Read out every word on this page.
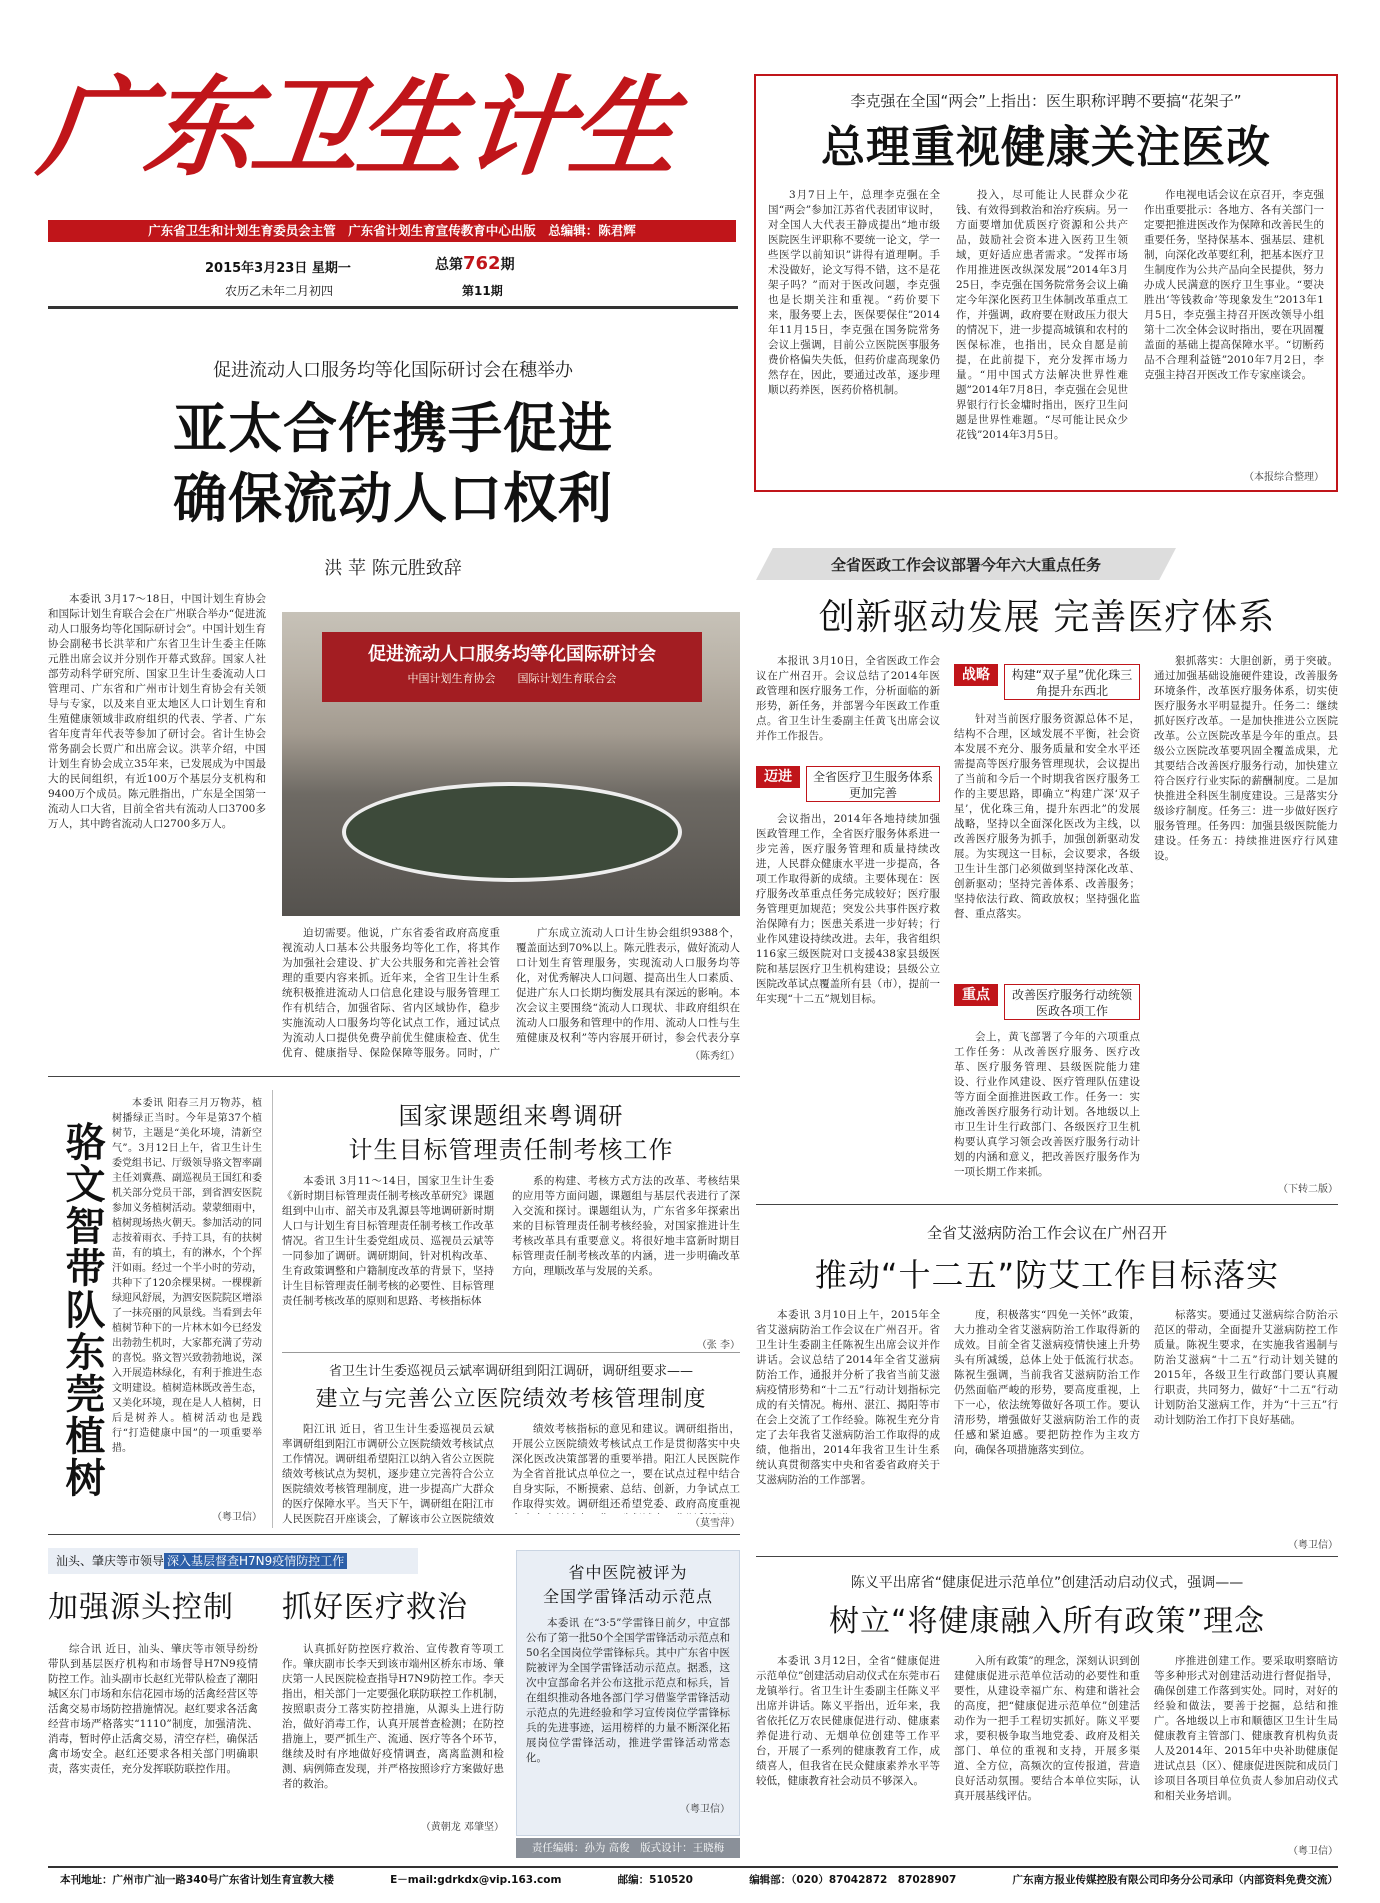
广东卫生计生
广东省卫生和计划生育委员会主管　广东省计划生育宣传教育中心出版　总编辑：陈君辉
2015年3月23日 星期一	总第762期
农历乙未年二月初四	第11期
李克强在全国“两会”上指出：医生职称评聘不要搞“花架子”
总理重视健康关注医改

3月7日上午，总理李克强在全国“两会”参加江苏省代表团审议时，对全国人大代表王静成提出“地市级医院医生评职称不要统一论文，学一些医学以前知识”讲得有道理啊。手术没做好，论文写得不错，这不是花架子吗？”而对于医改问题，李克强也是长期关注和重视。“药价要下来，服务要上去，医保要保住”2014年11月15日，李克强在国务院常务会议上强调，目前公立医院医事服务费价格偏失失低，但药价虚高现象仍然存在，因此，要通过改革，逐步理顺以药养医，医药价格机制。

投入，尽可能让人民群众少花钱、有效得到救治和治疗疾病。另一方面要增加优质医疗资源和公共产品，鼓励社会资本进入医药卫生领域，更好适应患者需求。“发挥市场作用推进医改纵深发展”2014年3月25日，李克强在国务院常务会议上确定今年深化医药卫生体制改革重点工作，并强调，政府要在财政压力很大的情况下，进一步提高城镇和农村的医保标准，也指出，民众自愿是前提，在此前提下，充分发挥市场力量。“用中国式方法解决世界性难题”2014年7月8日，李克强在会见世界银行行长金墉时指出，医疗卫生问题是世界性难题。“尽可能让民众少花钱”2014年3月5日。

作电视电话会议在京召开，李克强作出重要批示：各地方、各有关部门一定要把推进医改作为保障和改善民生的重要任务，坚持保基本、强基层、建机制，向深化改革要红利，把基本医疗卫生制度作为公共产品向全民提供，努力办成人民满意的医疗卫生事业。“要决胜出‘等钱救命’等现象发生”2013年1月5日，李克强主持召开医改领导小组第十二次全体会议时指出，要在巩固覆盖面的基础上提高保障水平。“切断药品不合理利益链”2010年7月2日，李克强主持召开医改工作专家座谈会。

（本报综合整理）
促进流动人口服务均等化国际研讨会在穗举办
亚太合作携手促进
确保流动人口权利
洪 苹 陈元胜致辞

本委讯 3月17～18日，中国计划生育协会和国际计划生育联合会在广州联合举办“促进流动人口服务均等化国际研讨会”。中国计划生育协会副秘书长洪苹和广东省卫生计生委主任陈元胜出席会议并分别作开幕式致辞。国家人社部劳动科学研究所、国家卫生计生委流动人口管理司、广东省和广州市计划生育协会有关领导与专家，以及来自亚太地区人口计划生育和生殖健康领域非政府组织的代表、学者、广东省年度青年代表等参加了研讨会。省计生协会常务副会长贾广和出席会议。洪苹介绍，中国计划生育协会成立35年来，已发展成为中国最大的民间组织，有近100万个基层分支机构和9400万个成员。陈元胜指出，广东是全国第一流动人口大省，目前全省共有流动人口3700多万人，其中跨省流动人口2700多万人。

促进流动人口服务均等化国际研讨会
中国计划生育协会　　国际计划生育联合会

迫切需要。他说，广东省委省政府高度重视流动人口基本公共服务均等化工作，将其作为加强社会建设、扩大公共服务和完善社会管理的重要内容来抓。近年来，全省卫生计生系统积极推进流动人口信息化建设与服务管理工作有机结合，加强省际、省内区域协作，稳步实施流动人口服务均等化试点工作，通过试点为流动人口提供免费孕前优生健康检查、优生优育、健康指导、保险保障等服务。同时，广

广东成立流动人口计生协会组织9388个，覆盖面达到70%以上。陈元胜表示，做好流动人口计划生育管理服务，实现流动人口服务均等化，对优秀解决人口问题、提高出生人口素质、促进广东人口长期均衡发展具有深远的影响。本次会议主要围绕“流动人口现状、非政府组织在流动人口服务和管理中的作用、流动人口性与生殖健康及权利”等内容展开研讨，参会代表分享

（陈秀红）
骆文智带队东莞植树

本委讯 阳春三月万物苏，植树播绿正当时。今年是第37个植树节，主题是“美化环境，清新空气”。3月12日上午，省卫生计生委党组书记、厅级领导骆文智率副主任刘冀燕、副巡视员王国红和委机关部分党员干部，到省泗安医院参加义务植树活动。蒙蒙细雨中，植树现场热火朝天。参加活动的同志按着雨衣、手持工具，有的扶树苗，有的填土，有的淋水，个个挥汗如雨。经过一个半小时的劳动，共种下了120余棵果树。一棵棵新绿迎风舒展，为泗安医院院区增添了一抹亮丽的风景线。当看到去年植树节种下的一片林木如今已经发出勃勃生机时，大家都充满了劳动的喜悦。骆文智兴致勃勃地说，深入开展造林绿化，有利于推进生态文明建设。植树造林既改善生态，又美化环境，现在是人人植树，日后是树养人。植树活动也是践行“打造健康中国”的一项重要举措。

（粤卫信）
国家课题组来粤调研
计生目标管理责任制考核工作

本委讯 3月11～14日，国家卫生计生委《新时期目标管理责任制考核改革研究》课题组到中山市、韶关市及乳源县等地调研新时期人口与计划生育目标管理责任制考核工作改革情况。省卫生计生委党组成员、巡视员云斌等一同参加了调研。调研期间，针对机构改革、生育政策调整和户籍制度改革的背景下，坚持计生目标管理责任制考核的必要性、目标管理责任制考核改革的原则和思路、考核指标体

系的构建、考核方式方法的改革、考核结果的应用等方面问题，课题组与基层代表进行了深入交流和探讨。课题组认为，广东省多年探索出来的目标管理责任制考核经验，对国家推进计生考核改革具有重要意义。将很好地丰富新时期目标管理责任制考核改革的内涵，进一步明确改革方向，理顺改革与发展的关系。

（张 李）
省卫生计生委巡视员云斌率调研组到阳江调研，调研组要求——
建立与完善公立医院绩效考核管理制度

阳江讯 近日，省卫生计生委巡视员云斌率调研组到阳江市调研公立医院绩效考核试点工作情况。调研组希望阳江以纳入省公立医院绩效考核试点为契机，逐步建立完善符合公立医院绩效考核管理制度，进一步提高广大群众的医疗保障水平。当天下午，调研组在阳江市人民医院召开座谈会，了解该市公立医院绩效

绩效考核指标的意见和建议。调研组指出，开展公立医院绩效考核试点工作是贯彻落实中央深化医改决策部署的重要举措。阳江人民医院作为全省首批试点单位之一，要在试点过程中结合自身实际，不断摸索、总结、创新，力争试点工作取得实效。调研组还希望党委、政府高度重视

（莫雪萍）
全省医政工作会议部署今年六大重点任务
创新驱动发展 完善医疗体系

本报讯 3月10日，全省医政工作会议在广州召开。会议总结了2014年医政管理和医疗服务工作，分析面临的新形势，新任务，并部署今年医政工作重点。省卫生计生委副主任黄飞出席会议并作工作报告。

迈进	全省医疗卫生服务体系更加完善

会议指出，2014年各地持续加强医政管理工作，全省医疗服务体系进一步完善，医疗服务管理和质量持续改进，人民群众健康水平进一步提高，各项工作取得新的成绩。主要体现在：医疗服务改革重点任务完成较好；医疗服务管理更加规范；突发公共事件医疗救治保障有力；医患关系进一步好转；行业作风建设持续改进。去年，我省组织116家三级医院对口支援438家县级医院和基层医疗卫生机构建设；县级公立医院改革试点覆盖所有县（市），提前一年实现“十二五”规划目标。

战略	构建“双子星”优化珠三角提升东西北

针对当前医疗服务资源总体不足，结构不合理，区域发展不平衡，社会资本发展不充分、服务质量和安全水平还需提高等医疗服务管理现状，会议提出了当前和今后一个时期我省医疗服务工作的主要思路，即确立“构建广深‘双子星’，优化珠三角，提升东西北”的发展战略，坚持以全面深化医改为主线，以改善医疗服务为抓手，加强创新驱动发展。为实现这一目标，会议要求，各级卫生计生部门必须做到坚持深化改革、创新驱动；坚持完善体系、改善服务；坚持依法行政、简政放权；坚持强化监督、重点落实。

重点	改善医疗服务行动统领医政各项工作

会上，黄飞部署了今年的六项重点工作任务：从改善医疗服务、医疗改革、医疗服务管理、县级医院能力建设、行业作风建设、医疗管理队伍建设等方面全面推进医政工作。任务一：实施改善医疗服务行动计划。各地级以上市卫生计生行政部门、各级医疗卫生机构要认真学习领会改善医疗服务行动计划的内涵和意义，把改善医疗服务作为一项长期工作来抓。

狠抓落实：大胆创新，勇于突破。通过加强基础设施硬件建设，改善服务环境条件，改革医疗服务体系，切实使医疗服务水平明显提升。任务二：继续抓好医疗改革。一是加快推进公立医院改革。公立医院改革是今年的重点。县级公立医院改革要巩固全覆盖成果，尤其要结合改善医疗服务行动，加快建立符合医疗行业实际的薪酬制度。二是加快推进全科医生制度建设。三是落实分级诊疗制度。任务三：进一步做好医疗服务管理。任务四：加强县级医院能力建设。任务五：持续推进医疗行风建设。

（下转二版）
全省艾滋病防治工作会议在广州召开
推动“十二五”防艾工作目标落实

本委讯 3月10日上午，2015年全省艾滋病防治工作会议在广州召开。省卫生计生委副主任陈祝生出席会议并作讲话。会议总结了2014年全省艾滋病防治工作，通报并分析了我省当前艾滋病疫情形势和“十二五”行动计划指标完成的有关情况。梅州、湛江、揭阳等市在会上交流了工作经验。陈祝生充分肯定了去年我省艾滋病防治工作取得的成绩，他指出，2014年我省卫生计生系统认真贯彻落实中央和省委省政府关于艾滋病防治的工作部署。

度，积极落实“四免一关怀”政策，大力推动全省艾滋病防治工作取得新的成效。目前全省艾滋病疫情快速上升势头有所减缓，总体上处于低流行状态。陈祝生强调，当前我省艾滋病防治工作仍然面临严峻的形势，要高度重视，上下一心，依法统筹做好各项工作。要认清形势，增强做好艾滋病防治工作的责任感和紧迫感。要把防控作为主攻方向，确保各项措施落实到位。

标落实。要通过艾滋病综合防治示范区的带动，全面提升艾滋病防控工作质量。陈祝生要求，在实施我省遏制与防治艾滋病“十二五”行动计划关键的2015年，各级卫生行政部门要认真履行职责，共同努力，做好“十二五”行动计划防治艾滋病工作，并为“十三五”行动计划防治工作打下良好基础。

（粤卫信）
汕头、肇庆等市领导 深入基层督查H7N9疫情防控工作
加强源头控制	抓好医疗救治

综合讯 近日，汕头、肇庆等市领导纷纷带队到基层医疗机构和市场督导H7N9疫情防控工作。汕头副市长赵红光带队检查了潮阳城区东门市场和东信花园市场的活禽经营区等活禽交易市场防控措施情况。赵红要求各活禽经营市场严格落实“1110”制度，加强清洗、消毒，暂时停止活禽交易，清空存栏，确保活禽市场安全。赵红还要求各相关部门明确职责，落实责任，充分发挥联防联控作用。

认真抓好防控医疗救治、宣传教育等项工作。肇庆副市长李天到该市端州区桥东市场、肇庆第一人民医院检查指导H7N9防控工作。李天指出，相关部门一定要强化联防联控工作机制，按照职责分工落实防控措施，从源头上进行防治，做好消毒工作，认真开展普查检测；在防控措施上，要严抓生产、流通、医疗等各个环节，继续及时有序地做好疫情调查，离离监测和检测、病例筛查发现，并严格按照诊疗方案做好患者的救治。

（黄朝龙 邓肇坚）
省中医院被评为
全国学雷锋活动示范点

本委讯 在“3·5”学雷锋日前夕，中宣部公布了第一批50个全国学雷锋活动示范点和50名全国岗位学雷锋标兵。其中广东省中医院被评为全国学雷锋活动示范点。据悉，这次中宣部命名并公布这批示范点和标兵，旨在组织推动各地各部门学习借鉴学雷锋活动示范点的先进经验和学习宣传岗位学雷锋标兵的先进事迹，运用榜样的力量不断深化拓展岗位学雷锋活动，推进学雷锋活动常态化。

（粤卫信）
责任编辑：孙为 高俊　版式设计：王晓梅
陈义平出席省“健康促进示范单位”创建活动启动仪式，强调——
树立“将健康融入所有政策”理念

本委讯 3月12日，全省“健康促进示范单位”创建活动启动仪式在东莞市石龙镇举行。省卫生计生委副主任陈义平出席并讲话。陈义平指出，近年来，我省依托亿万农民健康促进行动、健康素养促进行动、无烟单位创建等工作平台，开展了一系列的健康教育工作，成绩喜人，但我省在民众健康素养水平等较低，健康教育社会动员不够深入。

入所有政策”的理念，深刻认识到创建健康促进示范单位活动的必要性和重要性，从建设幸福广东、构建和谐社会的高度，把“健康促进示范单位”创建活动作为一把手工程切实抓好。陈义平要求，要积极争取当地党委、政府及相关部门、单位的重视和支持，开展多渠道、全方位，高频次的宣传报道，营造良好活动氛围。要结合本单位实际，认真开展基线评估。

序推进创建工作。要采取明察暗访等多种形式对创建活动进行督促指导，确保创建工作落到实处。同时，对好的经验和做法，要善于挖掘，总结和推广。各地级以上市和顺德区卫生计生局健康教育主管部门、健康教育机构负责人及2014年、2015年中央补助健康促进试点县（区）、健康促进医院和成员门诊项目各项目单位负责人参加启动仪式和相关业务培训。

（粤卫信）
本刊地址：广州市广汕一路340号广东省计划生育宣教大楼	E－mail:gdrkdx@vip.163.com	邮编：510520	编辑部：（020）87042872　87028907	广东南方报业传媒控股有限公司印务分公司承印（内部资料免费交流）
